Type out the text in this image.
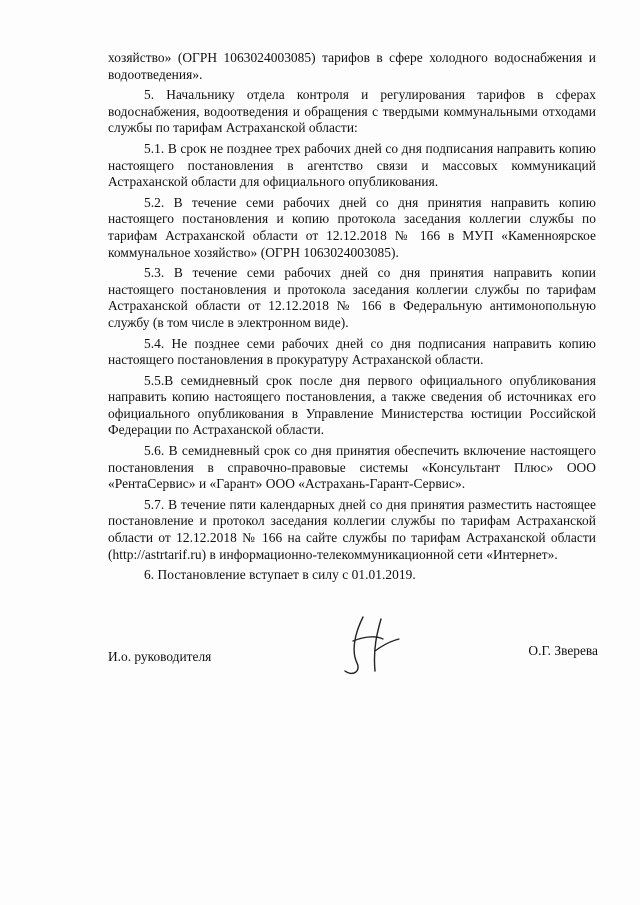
хозяйство» (ОГРН 1063024003085) тарифов в сфере холодного водоснабжения и водоотведения».

5. Начальнику отдела контроля и регулирования тарифов в сферах водоснабжения, водоотведения и обращения с твердыми коммунальными отходами службы по тарифам Астраханской области:

5.1. В срок не позднее трех рабочих дней со дня подписания направить копию настоящего постановления в агентство связи и массовых коммуникаций Астраханской области для официального опубликования.

5.2. В течение семи рабочих дней со дня принятия направить копию настоящего постановления и копию протокола заседания коллегии службы по тарифам Астраханской области от 12.12.2018 № 166 в МУП «Каменноярское коммунальное хозяйство» (ОГРН 1063024003085).

5.3. В течение семи рабочих дней со дня принятия направить копии настоящего постановления и протокола заседания коллегии службы по тарифам Астраханской области от 12.12.2018 № 166 в Федеральную антимонопольную службу (в том числе в электронном виде).

5.4. Не позднее семи рабочих дней со дня подписания направить копию настоящего постановления в прокуратуру Астраханской области.

5.5.В семидневный срок после дня первого официального опубликования направить копию настоящего постановления, а также сведения об источниках его официального опубликования в Управление Министерства юстиции Российской Федерации по Астраханской области.

5.6. В семидневный срок со дня принятия обеспечить включение настоящего постановления в справочно-правовые системы «Консультант Плюс» ООО «РентаСервис» и «Гарант» ООО «Астрахань-Гарант-Сервис».

5.7. В течение пяти календарных дней со дня принятия разместить настоящее постановление и протокол заседания коллегии службы по тарифам Астраханской области от 12.12.2018 № 166 на сайте службы по тарифам Астраханской области (http://astrtarif.ru) в информационно-телекоммуникационной сети «Интернет».

6. Постановление вступает в силу с 01.01.2019.

И.о. руководителя	О.Г. Зверева
